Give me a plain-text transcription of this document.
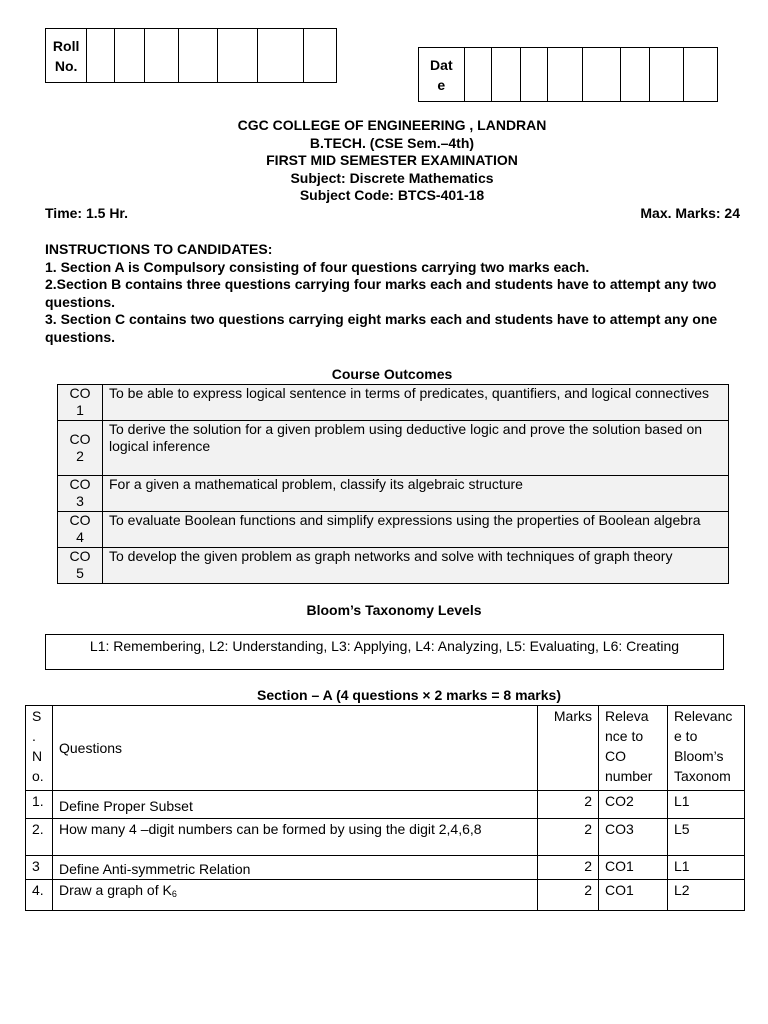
Roll
No.								Dat
e								
CGC COLLEGE OF ENGINEERING , LANDRAN
B.TECH. (CSE Sem.–4th)
FIRST MID SEMESTER EXAMINATION
Subject: Discrete Mathematics
Subject Code: BTCS-401-18
Time: 1.5 Hr.	Max. Marks: 24
INSTRUCTIONS TO CANDIDATES:
1. Section A is Compulsory consisting of four questions carrying two marks each.
2.Section B contains three questions carrying four marks each and students have to attempt any two questions.
3. Section C contains two questions carrying eight marks each and students have to attempt any one questions.
Course Outcomes
CO
1	To be able to express logical sentence in terms of predicates, quantifiers, and logical connectives
CO
2	To derive the solution for a given problem using deductive logic and prove the solution based on logical inference
CO
3	For a given a mathematical problem, classify its algebraic structure
CO
4	To evaluate Boolean functions and simplify expressions using the properties of Boolean algebra
CO
5	To develop the given problem as graph networks and solve with techniques of graph theory
Bloom’s Taxonomy Levels
L1: Remembering, L2: Understanding, L3: Applying, L4: Analyzing, L5: Evaluating, L6: Creating
Section – A (4 questions × 2 marks = 8 marks)
S
.
N
o.	Questions	Marks	Releva
nce to
CO
number	Relevanc
e to
Bloom’s
Taxonom
1.	Define Proper Subset	2	CO2	L1
2.	How many 4 –digit numbers can be formed by using the digit 2,4,6,8	2	CO3	L5
3	Define Anti-symmetric Relation	2	CO1	L1
4.	Draw a graph of $K_6$	2	CO1	L2
